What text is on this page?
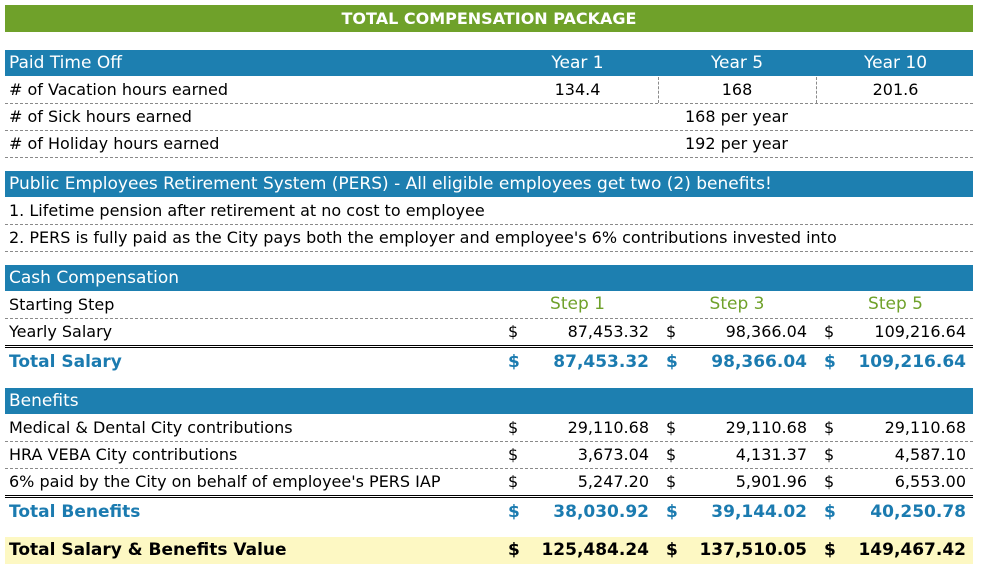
TOTAL COMPENSATION PACKAGE
Paid Time Off	Year 1	Year 5	Year 10
# of Vacation hours earned	134.4	168	201.6
# of Sick hours earned	168 per year
# of Holiday hours earned	192 per year
Public Employees Retirement System (PERS) - All eligible employees get two (2) benefits!
1. Lifetime pension after retirement at no cost to employee
2. PERS is fully paid as the City pays both the employer and employee's 6% contributions invested into
Cash Compensation
Starting Step	Step 1	Step 3	Step 5
Yearly Salary	$	87,453.32 $	98,366.04 $	109,216.64
Total Salary	$	87,453.32 $	98,366.04 $	109,216.64
Benefits
Medical & Dental City contributions	$	29,110.68 $	29,110.68 $	29,110.68
HRA VEBA City contributions	$	3,673.04 $	4,131.37 $	4,587.10
6% paid by the City on behalf of employee's PERS IAP	$	5,247.20 $	5,901.96 $	6,553.00
Total Benefits	$	38,030.92 $	39,144.02 $	40,250.78
Total Salary & Benefits Value	$	125,484.24 $ 137,510.05 $	149,467.42
